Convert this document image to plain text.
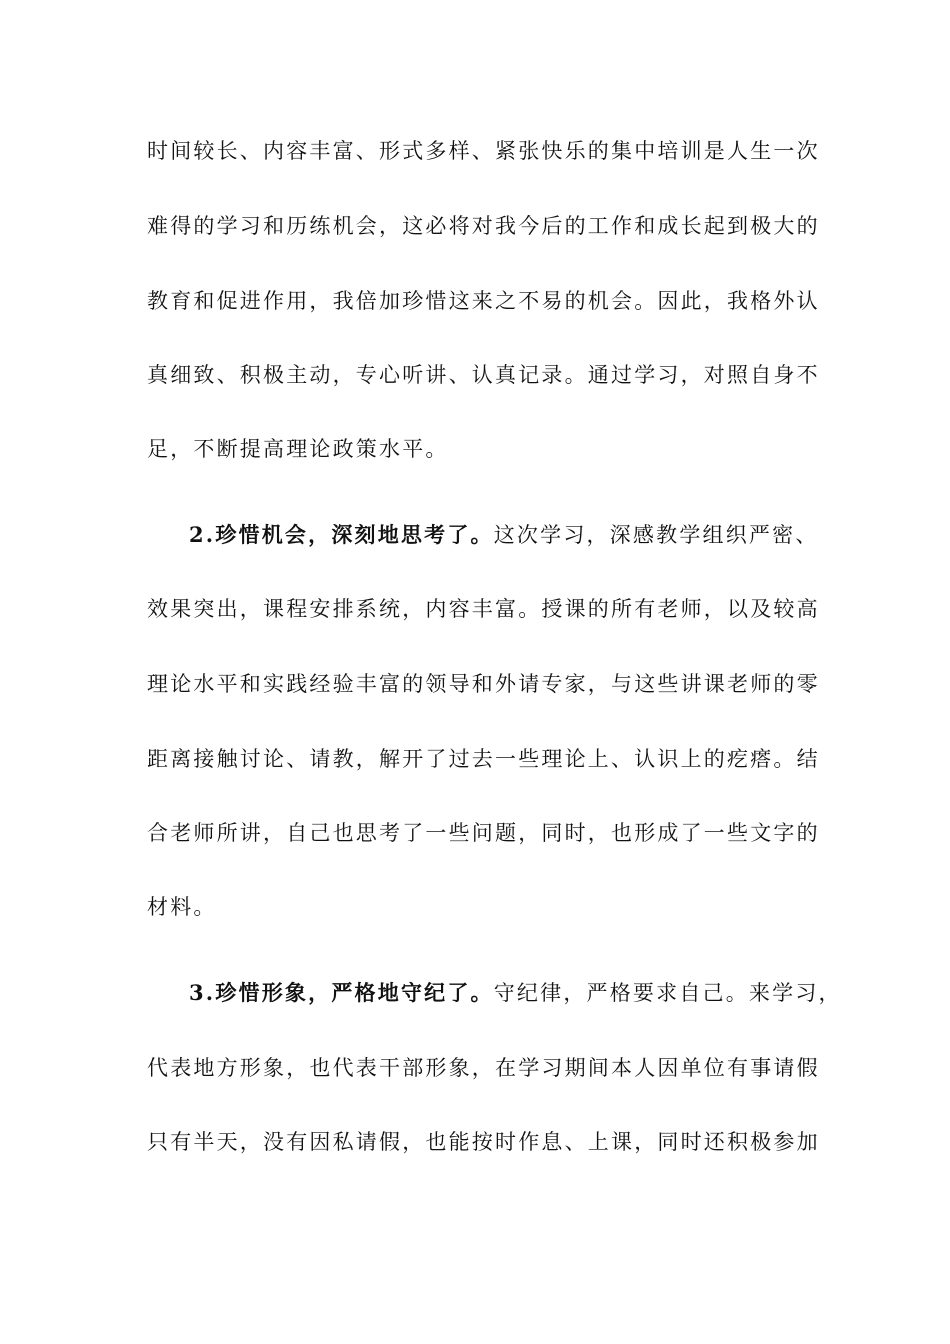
时间较长、内容丰富、形式多样、紧张快乐的集中培训是人生一次
难得的学习和历练机会，这必将对我今后的工作和成长起到极大的
教育和促进作用，我倍加珍惜这来之不易的机会。因此，我格外认
真细致、积极主动，专心听讲、认真记录。通过学习，对照自身不
足，不断提高理论政策水平。
2.珍惜机会，深刻地思考了。这次学习，深感教学组织严密、
效果突出，课程安排系统，内容丰富。授课的所有老师，以及较高
理论水平和实践经验丰富的领导和外请专家，与这些讲课老师的零
距离接触讨论、请教，解开了过去一些理论上、认识上的疙瘩。结
合老师所讲，自己也思考了一些问题，同时，也形成了一些文字的
材料。
3.珍惜形象，严格地守纪了。守纪律，严格要求自己。来学习，
代表地方形象，也代表干部形象，在学习期间本人因单位有事请假
只有半天，没有因私请假，也能按时作息、上课，同时还积极参加
